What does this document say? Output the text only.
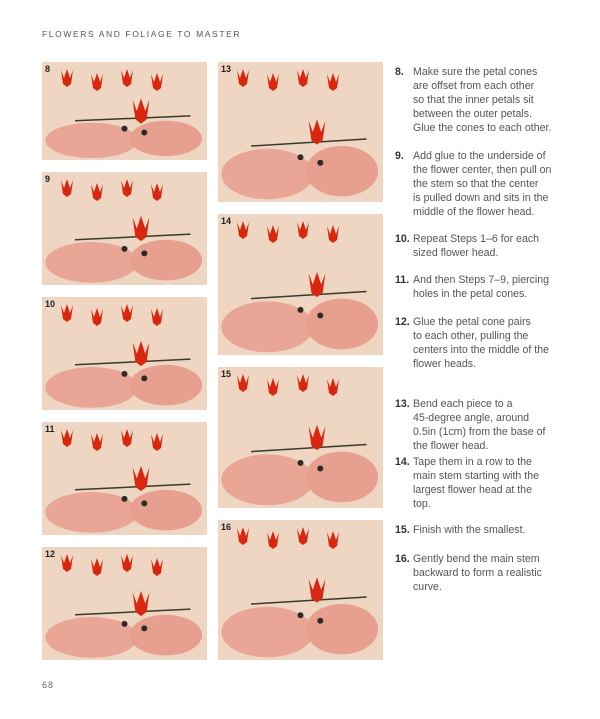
FLOWERS AND FOLIAGE TO MASTER
8
9
10
11
12
13
14
15
16
8. Make sure the petal cones
are offset from each other
so that the inner petals sit
between the outer petals.
Glue the cones to each other.
9. Add glue to the underside of
the flower center, then pull on
the stem so that the center
is pulled down and sits in the
middle of the flower head.
10. Repeat Steps 1–6 for each
sized flower head.
11. And then Steps 7–9, piercing
holes in the petal cones.
12. Glue the petal cone pairs
to each other, pulling the
centers into the middle of the
flower heads.
13. Bend each piece to a
45-degree angle, around
0.5in (1cm) from the base of
the flower head.
14. Tape them in a row to the
main stem starting with the
largest flower head at the
top.
15. Finish with the smallest.
16. Gently bend the main stem
backward to form a realistic
curve.
68
